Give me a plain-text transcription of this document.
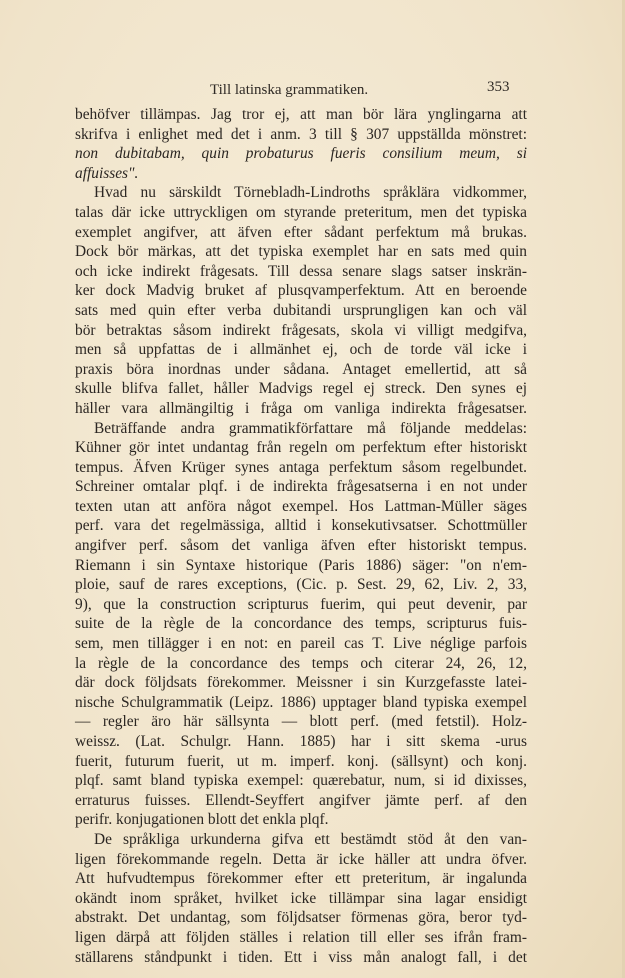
Till latinska grammatiken.	353
behöfver tillämpas. Jag tror ej, att man bör lära ynglingarna att
skrifva i enlighet med det i anm. 3 till § 307 uppställda mönstret:
non dubitabam, quin probaturus fueris consilium meum, si
affuisses".
Hvad nu särskildt Törnebladh-Lindroths språklära vidkommer,
talas där icke uttryckligen om styrande preteritum, men det typiska
exemplet angifver, att äfven efter sådant perfektum må brukas.
Dock bör märkas, att det typiska exemplet har en sats med quin
och icke indirekt frågesats. Till dessa senare slags satser inskrän-
ker dock Madvig bruket af plusqvamperfektum. Att en beroende
sats med quin efter verba dubitandi ursprungligen kan och väl
bör betraktas såsom indirekt frågesats, skola vi villigt medgifva,
men så uppfattas de i allmänhet ej, och de torde väl icke i
praxis böra inordnas under sådana. Antaget emellertid, att så
skulle blifva fallet, håller Madvigs regel ej streck. Den synes ej
häller vara allmängiltig i fråga om vanliga indirekta frågesatser.
Beträffande andra grammatikförfattare må följande meddelas:
Kühner gör intet undantag från regeln om perfektum efter historiskt
tempus. Äfven Krüger synes antaga perfektum såsom regelbundet.
Schreiner omtalar plqf. i de indirekta frågesatserna i en not under
texten utan att anföra något exempel. Hos Lattman-Müller säges
perf. vara det regelmässiga, alltid i konsekutivsatser. Schottmüller
angifver perf. såsom det vanliga äfven efter historiskt tempus.
Riemann i sin Syntaxe historique (Paris 1886) säger: "on n'em-
ploie, sauf de rares exceptions, (Cic. p. Sest. 29, 62, Liv. 2, 33,
9), que la construction scripturus fuerim, qui peut devenir, par
suite de la règle de la concordance des temps, scripturus fuis-
sem, men tillägger i en not: en pareil cas T. Live néglige parfois
la règle de la concordance des temps och citerar 24, 26, 12,
där dock följdsats förekommer. Meissner i sin Kurzgefasste latei-
nische Schulgrammatik (Leipz. 1886) upptager bland typiska exempel
— regler äro här sällsynta — blott perf. (med fetstil). Holz-
weissz. (Lat. Schulgr. Hann. 1885) har i sitt skema -urus
fuerit, futurum fuerit, ut m. imperf. konj. (sällsynt) och konj.
plqf. samt bland typiska exempel: quærebatur, num, si id dixisses,
erraturus fuisses. Ellendt-Seyffert angifver jämte perf. af den
perifr. konjugationen blott det enkla plqf.
De språkliga urkunderna gifva ett bestämdt stöd åt den van-
ligen förekommande regeln. Detta är icke häller att undra öfver.
Att hufvudtempus förekommer efter ett preteritum, är ingalunda
okändt inom språket, hvilket icke tillämpar sina lagar ensidigt
abstrakt. Det undantag, som följdsatser förmenas göra, beror tyd-
ligen därpå att följden ställes i relation till eller ses ifrån fram-
ställarens ståndpunkt i tiden. Ett i viss mån analogt fall, i det
